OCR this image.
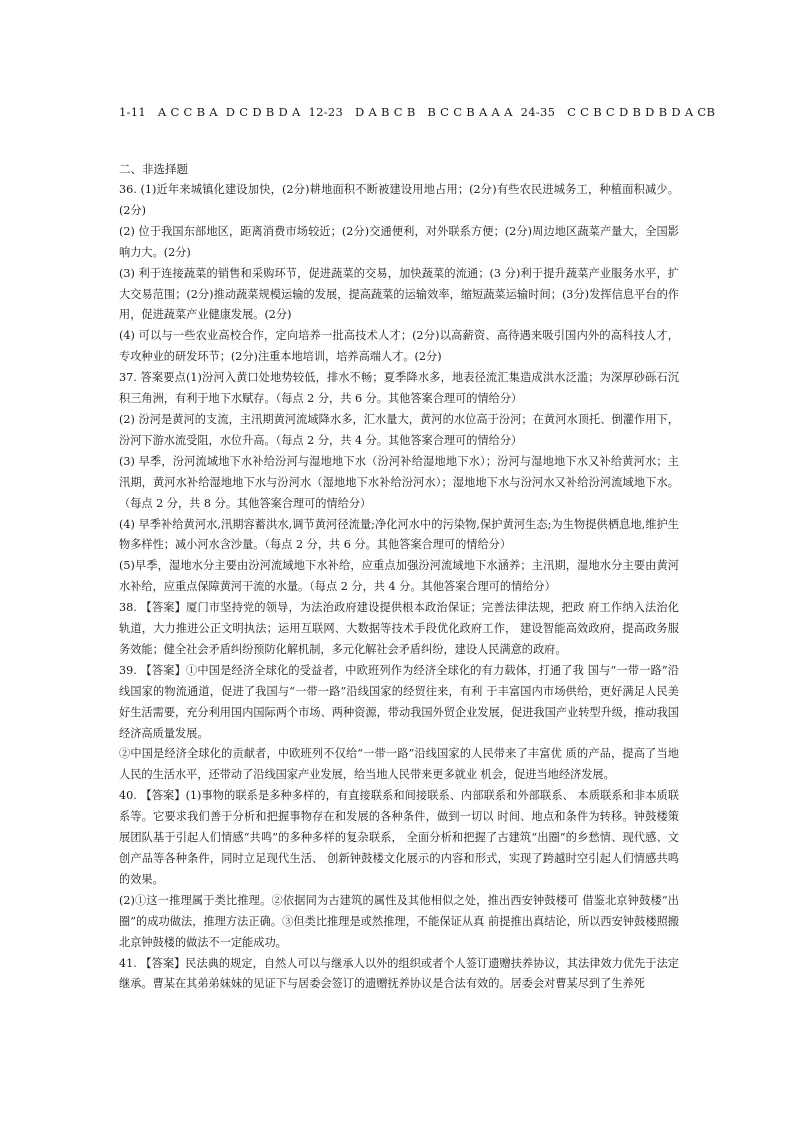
1-11   A C C B A  D C D B D A  12-23   D A B C B   B C C B A A A  24-35   C C B C D B D B D A CB
二、非选择题

36. (1)近年来城镇化建设加快，(2分)耕地面积不断被建设用地占用；(2分)有些农民进城务工，种植面积减少。(2分)

(2) 位于我国东部地区，距离消费市场较近；(2分)交通便利，对外联系方便；(2分)周边地区蔬菜产量大，全国影响力大。(2分)

(3) 利于连接蔬菜的销售和采购环节，促进蔬菜的交易，加快蔬菜的流通；(3 分)利于提升蔬菜产业服务水平，扩大交易范围；(2分)推动蔬菜规模运输的发展，提高蔬菜的运输效率，缩短蔬菜运输时间；(3分)发挥信息平台的作用，促进蔬菜产业健康发展。(2分)

(4) 可以与一些农业高校合作，定向培养一批高技术人才；(2分)以高薪资、高待遇来吸引国内外的高科技人才，专攻种业的研发环节；(2分)注重本地培训，培养高端人才。(2分)

37. 答案要点(1)汾河入黄口处地势较低，排水不畅；夏季降水多，地表径流汇集造成洪水泛滥；为深厚砂砾石沉积三角洲，有利于地下水赋存。（每点 2 分，共 6 分。其他答案合理可的情给分）

(2) 汾河是黄河的支流，主汛期黄河流域降水多，汇水量大，黄河的水位高于汾河；在黄河水顶托、倒灌作用下，汾河下游水流受阻，水位升高。（每点 2 分，共 4 分。其他答案合理可的情给分）

(3) 早季，汾河流域地下水补给汾河与湿地地下水（汾河补给湿地地下水）；汾河与湿地地下水又补给黄河水；主汛期，黄河水补给湿地地下水与汾河水（湿地地下水补给汾河水）；湿地地下水与汾河水又补给汾河流域地下水。（每点 2 分，共 8 分。其他答案合理可的情给分）

(4) 早季补给黄河水,汛期容蓄洪水,调节黄河径流量;净化河水中的污染物,保护黄河生态;为生物提供栖息地,维护生物多样性；减小河水含沙量。（每点 2 分，共 6 分。其他答案合理可的情给分）

(5)早季，湿地水分主要由汾河流域地下水补给，应重点加强汾河流域地下水涵养；主汛期，湿地水分主要由黄河水补给，应重点保障黄河干流的水量。（每点 2 分，共 4 分。其他答案合理可的情给分）

38. 【答案】厦门市坚持党的领导，为法治政府建设提供根本政治保证；完善法律法规，把政 府工作纳入法治化轨道，大力推进公正文明执法；运用互联网、大数据等技术手段优化政府工作， 建设智能高效政府，提高政务服务效能；健全社会矛盾纠纷预防化解机制，多元化解社会矛盾纠纷，建设人民满意的政府。

39. 【答案】①中国是经济全球化的受益者，中欧班列作为经济全球化的有力载体，打通了我 国与“一带一路”沿线国家的物流通道，促进了我国与“一带一路”沿线国家的经贸往来，有利 于丰富国内市场供给，更好满足人民美好生活需要，充分利用国内国际两个市场、两种资源，带动我国外贸企业发展，促进我国产业转型升级，推动我国经济高质量发展。

②中国是经济全球化的贡献者，中欧班列不仅给“一带一路”沿线国家的人民带来了丰富优 质的产品，提高了当地人民的生活水平，还带动了沿线国家产业发展，给当地人民带来更多就业 机会，促进当地经济发展。

40. 【答案】(1)事物的联系是多种多样的，有直接联系和间接联系、内部联系和外部联系、 本质联系和非本质联系等。它要求我们善于分析和把握事物存在和发展的各种条件，做到一切以 时间、地点和条件为转移。钟鼓楼策展团队基于引起人们情感“共鸣”的多种多样的复杂联系， 全面分析和把握了古建筑“出圈”的乡愁情、现代感、文创产品等各种条件，同时立足现代生活、 创新钟鼓楼文化展示的内容和形式，实现了跨越时空引起人们情感共鸣的效果。

(2)①这一推理属于类比推理。②依据同为古建筑的属性及其他相似之处，推出西安钟鼓楼可 借鉴北京钟鼓楼“出圈”的成功做法，推理方法正确。③但类比推理是或然推理，不能保证从真 前提推出真结论，所以西安钟鼓楼照搬北京钟鼓楼的做法不一定能成功。

41. 【答案】民法典的规定，自然人可以与继承人以外的组织或者个人签订遗赠扶养协议，其法律效力优先于法定继承。曹某在其弟弟妹妹的见证下与居委会签订的遗赠抚养协议是合法有效的。居委会对曹某尽到了生养死
